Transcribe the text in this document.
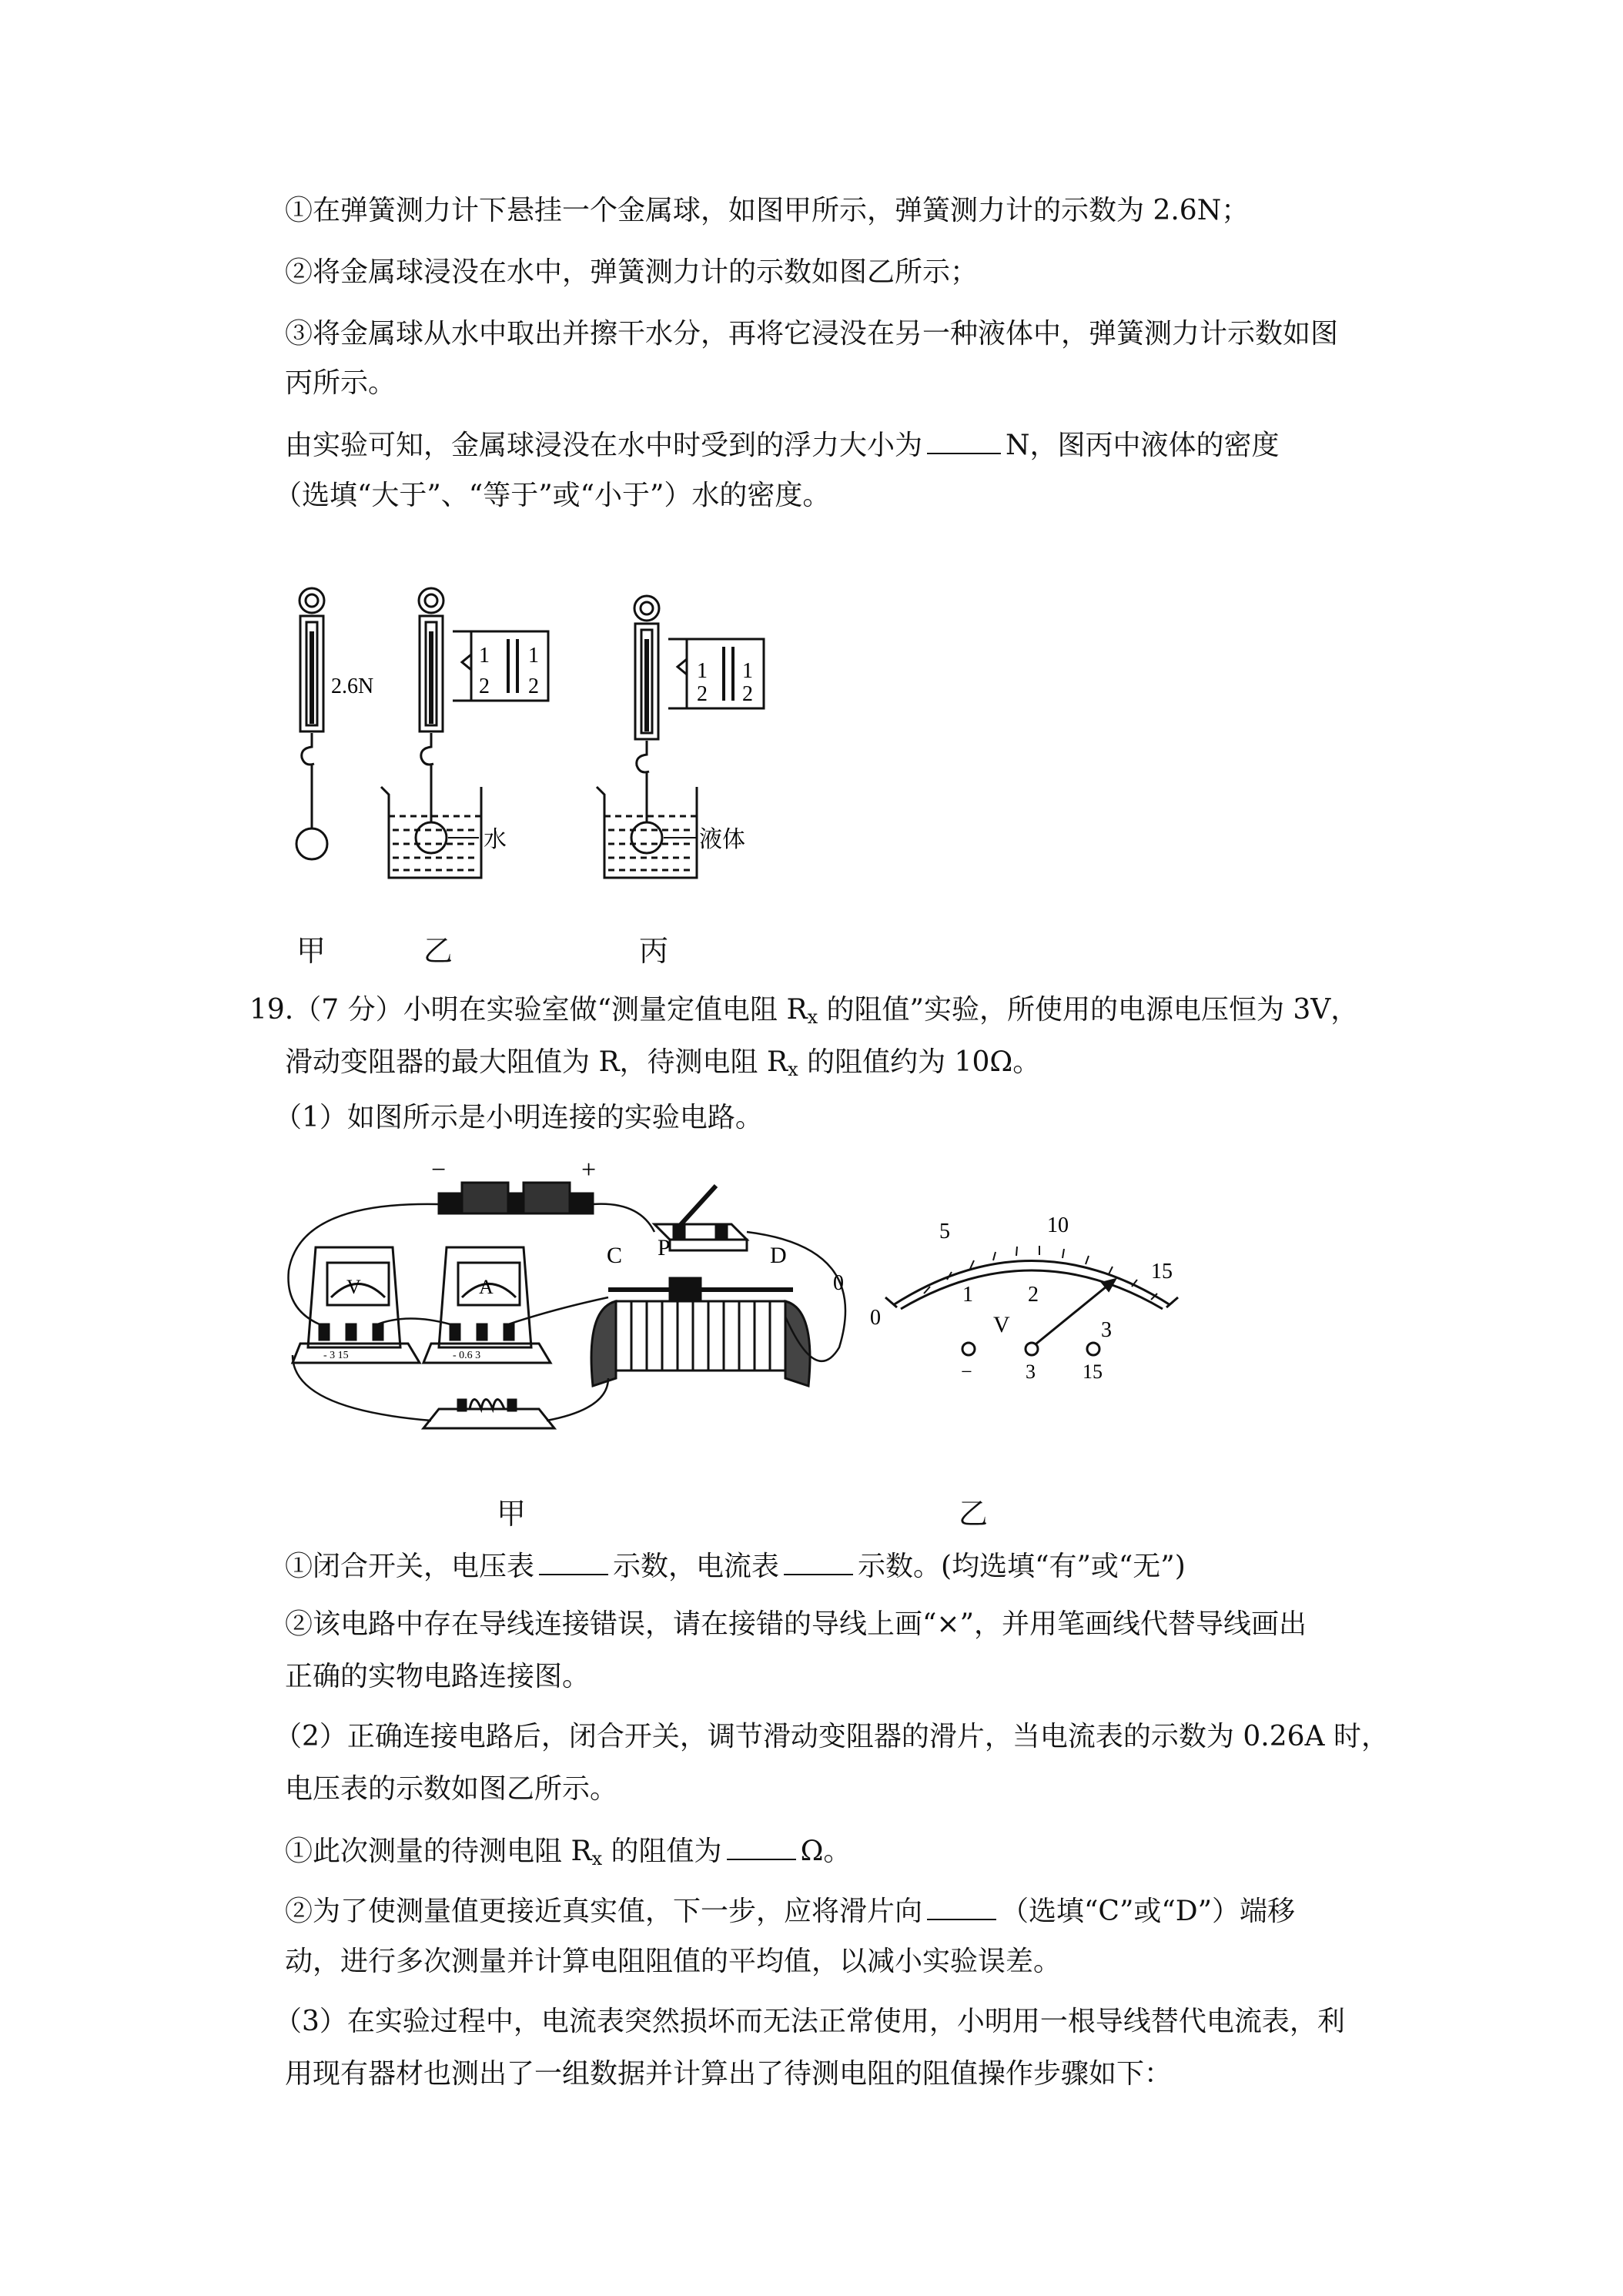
①在弹簧测力计下悬挂一个金属球，如图甲所示，弹簧测力计的示数为 2.6N；
②将金属球浸没在水中，弹簧测力计的示数如图乙所示；
③将金属球从水中取出并擦干水分，再将它浸没在另一种液体中，弹簧测力计示数如图
丙所示。
由实验可知，金属球浸没在水中时受到的浮力大小为	N，图丙中液体的密度
（选填“大于”、“等于”或“小于”）水的密度。
2.6N
1
2
1
2
1
2
1
2
水	液体
甲	乙	丙
19.（7 分）小明在实验室做“测量定值电阻 $R_x$ 的阻值”实验，所使用的电源电压恒为 3V，
滑动变阻器的最大阻值为 R，待测电阻 $R_x$ 的阻值约为 10Ω。
（1）如图所示是小明连接的实验电路。
−	+
V	A
- 3 15	- 0.6 3
C P	D
0
5	10
15
0
1	2
3
V
−	3 15
甲	乙
①闭合开关，电压表	示数，电流表	示数。(均选填“有”或“无”)
②该电路中存在导线连接错误，请在接错的导线上画“×”，并用笔画线代替导线画出
正确的实物电路连接图。
（2）正确连接电路后，闭合开关，调节滑动变阻器的滑片，当电流表的示数为 0.26A 时，
电压表的示数如图乙所示。
①此次测量的待测电阻 $R_x$ 的阻值为	Ω。
②为了使测量值更接近真实值，下一步，应将滑片向	（选填“C”或“D”）端移
动，进行多次测量并计算电阻阻值的平均值，以减小实验误差。
（3）在实验过程中，电流表突然损坏而无法正常使用，小明用一根导线替代电流表，利
用现有器材也测出了一组数据并计算出了待测电阻的阻值操作步骤如下：
